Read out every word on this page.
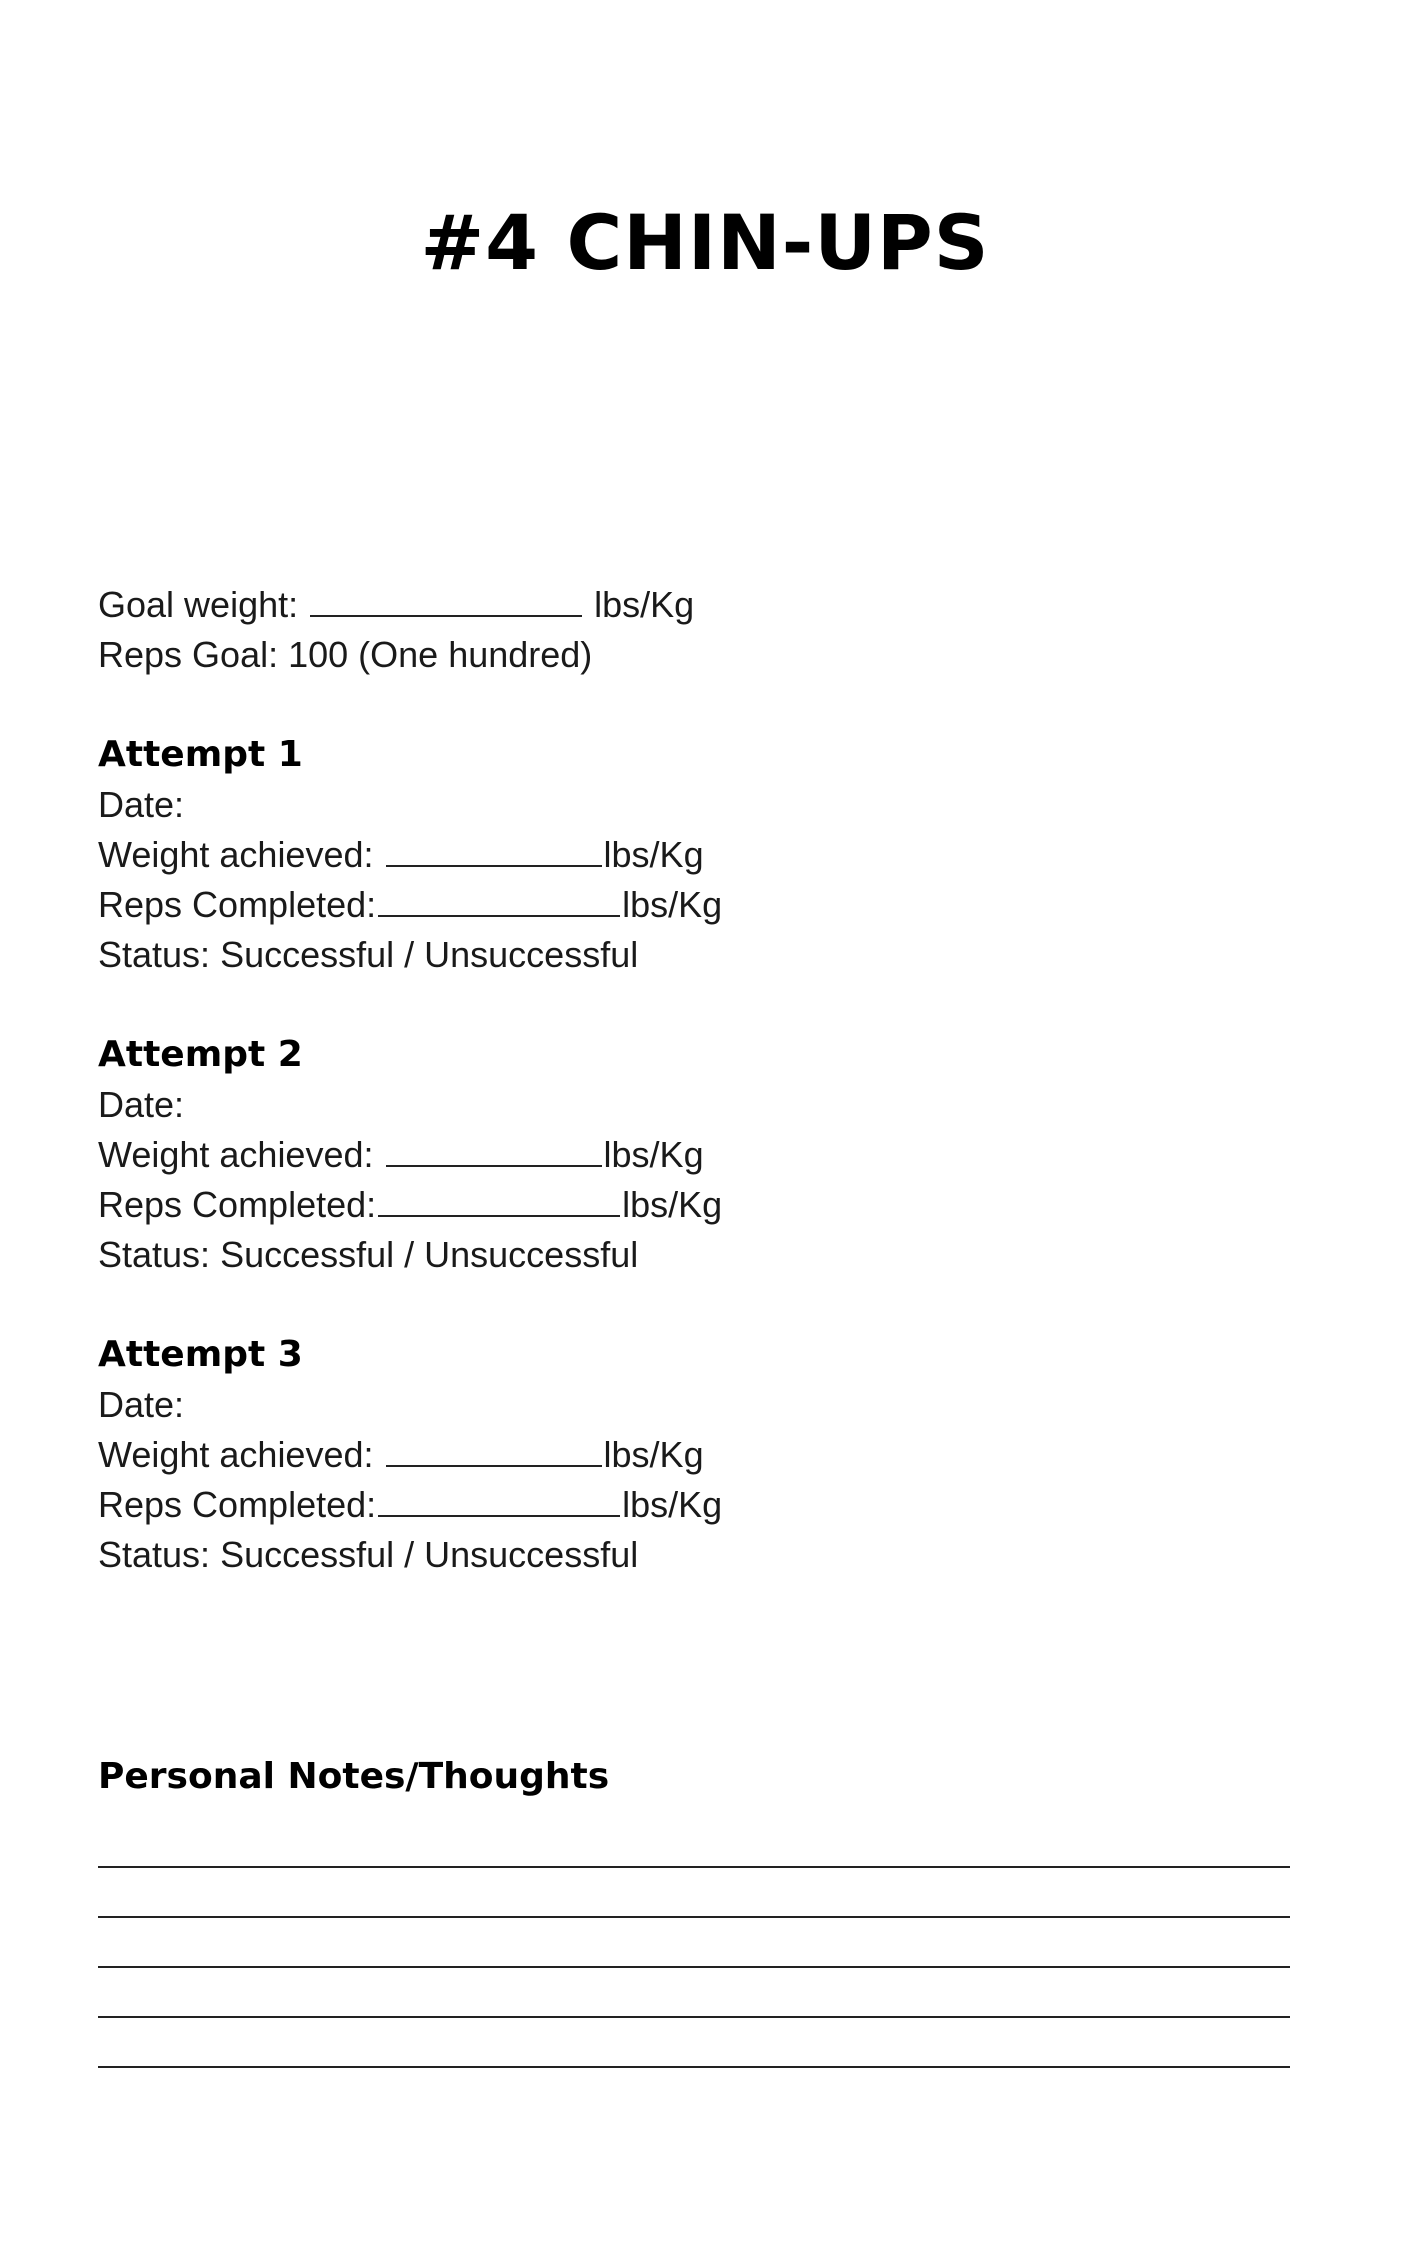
#4 CHIN-UPS
Goal weight:	lbs/Kg
Reps Goal: 100 (One hundred)
Attempt 1
Date:
Weight achieved:	lbs/Kg
Reps Completed:	lbs/Kg
Status: Successful / Unsuccessful
Attempt 2
Date:
Weight achieved:	lbs/Kg
Reps Completed:	lbs/Kg
Status: Successful / Unsuccessful
Attempt 3
Date:
Weight achieved:	lbs/Kg
Reps Completed:	lbs/Kg
Status: Successful / Unsuccessful
Personal Notes/Thoughts
